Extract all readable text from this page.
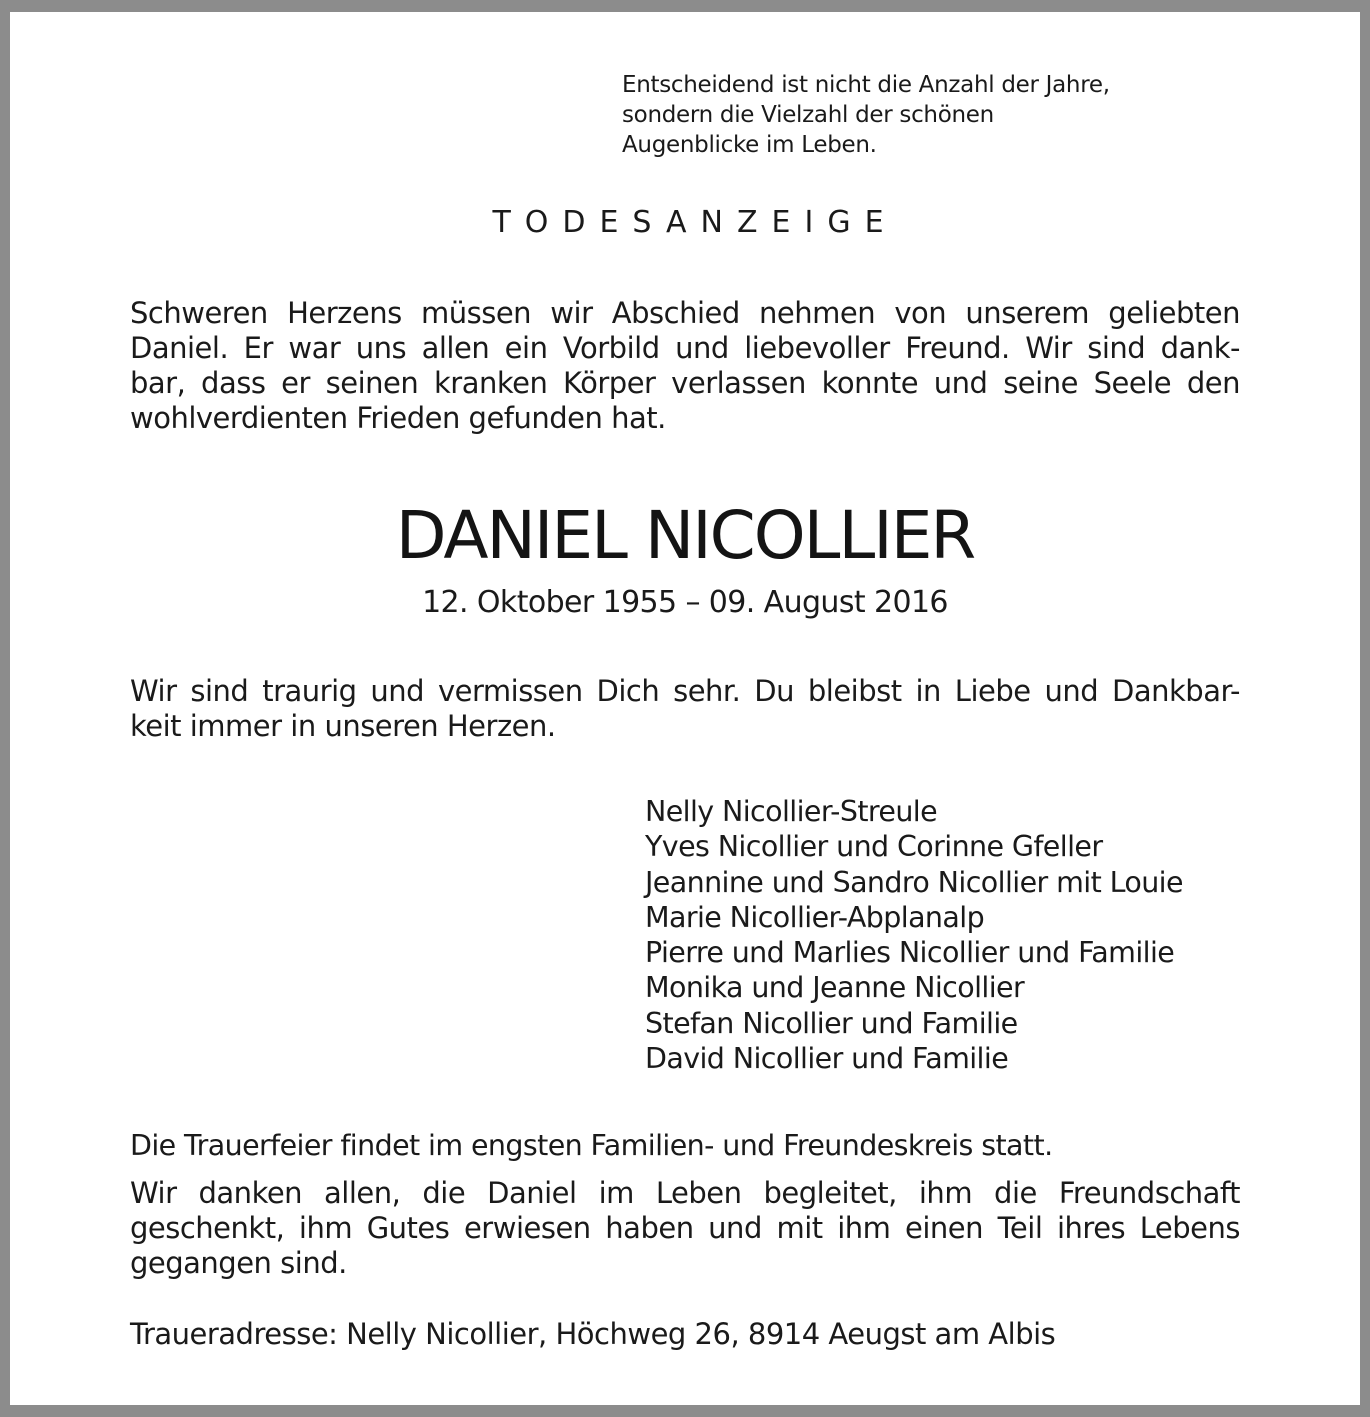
Entscheidend ist nicht die Anzahl der Jahre,
sondern die Vielzahl der schönen
Augenblicke im Leben.
TODESANZEIGE
Schweren Herzens müssen wir Abschied nehmen von unserem geliebten
Daniel. Er war uns allen ein Vorbild und liebevoller Freund. Wir sind dank-
bar, dass er seinen kranken Körper verlassen konnte und seine Seele den
wohlverdienten Frieden gefunden hat.
DANIEL NICOLLIER
12. Oktober 1955 – 09. August 2016
Wir sind traurig und vermissen Dich sehr. Du bleibst in Liebe und Dankbar-
keit immer in unseren Herzen.
Nelly Nicollier-Streule
Yves Nicollier und Corinne Gfeller
Jeannine und Sandro Nicollier mit Louie
Marie Nicollier-Abplanalp
Pierre und Marlies Nicollier und Familie
Monika und Jeanne Nicollier
Stefan Nicollier und Familie
David Nicollier und Familie
Die Trauerfeier findet im engsten Familien- und Freundeskreis statt.
Wir danken allen, die Daniel im Leben begleitet, ihm die Freundschaft
geschenkt, ihm Gutes erwiesen haben und mit ihm einen Teil ihres Lebens
gegangen sind.
Traueradresse: Nelly Nicollier, Höchweg 26, 8914 Aeugst am Albis
